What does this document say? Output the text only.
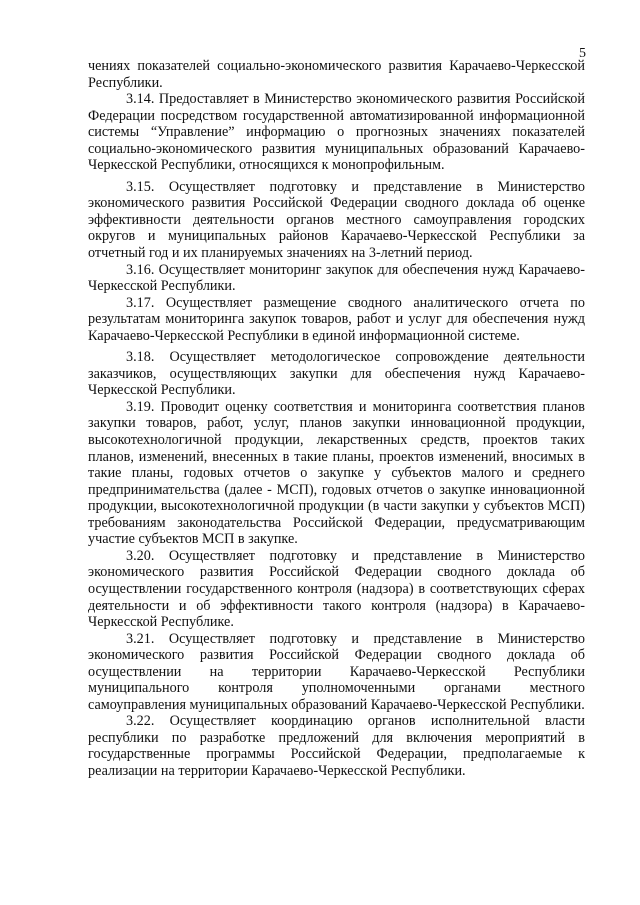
5

чениях показателей социально-экономического развития Карачаево-Черкесской Республики.

3.14. Предоставляет в Министерство экономического развития Российской Федерации посредством государственной автоматизированной информационной системы “Управление” информацию о прогнозных значениях показателей социально-экономического развития муниципальных образований Карачаево-Черкесской Республики, относящихся к монопрофильным.

3.15. Осуществляет подготовку и представление в Министерство экономического развития Российской Федерации сводного доклада об оценке эффективности деятельности органов местного самоуправления городских округов и муниципальных районов Карачаево-Черкесской Республики за отчетный год и их планируемых значениях на 3-летний период.

3.16. Осуществляет мониторинг закупок для обеспечения нужд Карачаево-Черкесской Республики.

3.17. Осуществляет размещение сводного аналитического отчета по результатам мониторинга закупок товаров, работ и услуг для обеспечения нужд Карачаево-Черкесской Республики в единой информационной системе.

3.18. Осуществляет методологическое сопровождение деятельности заказчиков, осуществляющих закупки для обеспечения нужд Карачаево-Черкесской Республики.

3.19. Проводит оценку соответствия и мониторинга соответствия планов закупки товаров, работ, услуг, планов закупки инновационной продукции, высокотехнологичной продукции, лекарственных средств, проектов таких планов, изменений, внесенных в такие планы, проектов изменений, вносимых в такие планы, годовых отчетов о закупке у субъектов малого и среднего предпринимательства (далее - МСП), годовых отчетов о закупке инновационной продукции, высокотехнологичной продукции (в части закупки у субъектов МСП) требованиям законодательства Российской Федерации, предусматривающим участие субъектов МСП в закупке.

3.20. Осуществляет подготовку и представление в Министерство экономического развития Российской Федерации сводного доклада об осуществлении государственного контроля (надзора) в соответствующих сферах деятельности и об эффективности такого контроля (надзора) в Карачаево-Черкесской Республике.

3.21. Осуществляет подготовку и представление в Министерство экономического развития Российской Федерации сводного доклада об осуществлении на территории Карачаево-Черкесской Республики муниципального контроля уполномоченными органами местного самоуправления муниципальных образований Карачаево-Черкесской Республики.

3.22. Осуществляет координацию органов исполнительной власти республики по разработке предложений для включения мероприятий в государственные программы Российской Федерации, предполагаемые к реализации на территории Карачаево-Черкесской Республики.
